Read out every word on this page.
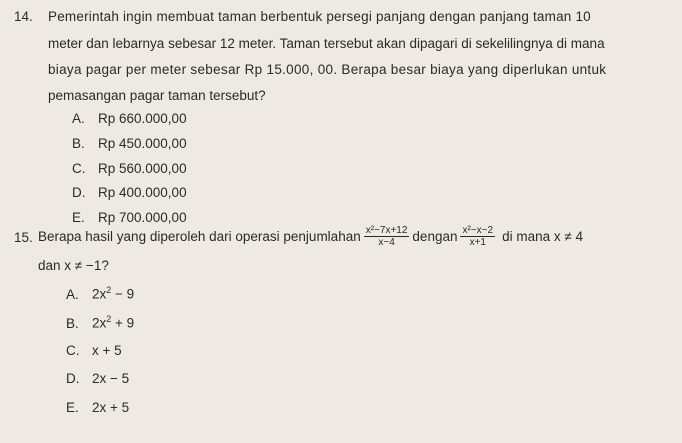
14. Pemerintah ingin membuat taman berbentuk persegi panjang dengan panjang taman 10
meter dan lebarnya sebesar 12 meter. Taman tersebut akan dipagari di sekelilingnya di mana
biaya pagar per meter sebesar Rp 15.000, 00. Berapa besar biaya yang diperlukan untuk
pemasangan pagar taman tersebut?
A. Rp 660.000,00
B. Rp 450.000,00
C. Rp 560.000,00
D. Rp 400.000,00
E. Rp 700.000,00
15. Berapa hasil yang diperoleh dari operasi penjumlahan $\frac{\text{x²−7x+12}}{x-4}$ dengan $\frac{\text{x²−x−2}}{x+1}$ di mana x ≠ 4
dan x ≠ −1?
A. $2x^2 - 9$
B. $2x^2 + 9$
C. x + 5
D. 2x − 5
E. 2x + 5
